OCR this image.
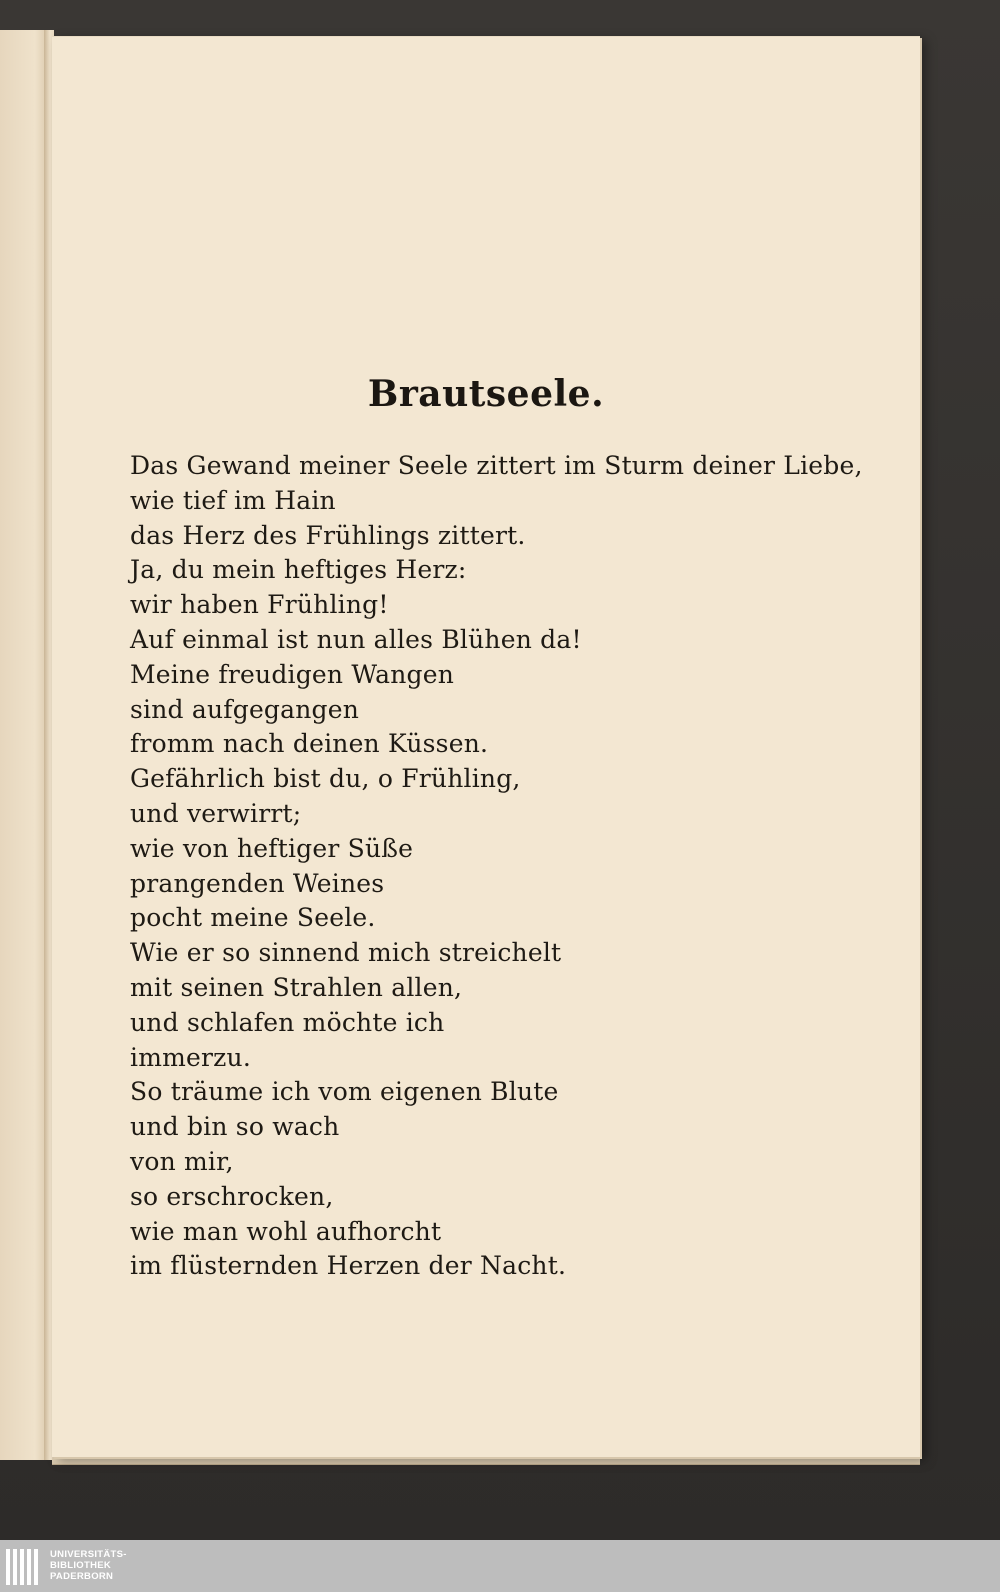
Brautseele.
Das Gewand meiner Seele zittert im Sturm deiner Liebe,
wie tief im Hain
das Herz des Frühlings zittert.
Ja, du mein heftiges Herz:
wir haben Frühling!
Auf einmal ist nun alles Blühen da!
Meine freudigen Wangen
sind aufgegangen
fromm nach deinen Küssen.
Gefährlich bist du, o Frühling,
und verwirrt;
wie von heftiger Süße
prangenden Weines
pocht meine Seele.
Wie er so sinnend mich streichelt
mit seinen Strahlen allen,
und schlafen möchte ich
immerzu.
So träume ich vom eigenen Blute
und bin so wach
von mir,
so erschrocken,
wie man wohl aufhorcht
im flüsternden Herzen der Nacht.
UNIVERSITÄTS-
BIBLIOTHEK
PADERBORN
